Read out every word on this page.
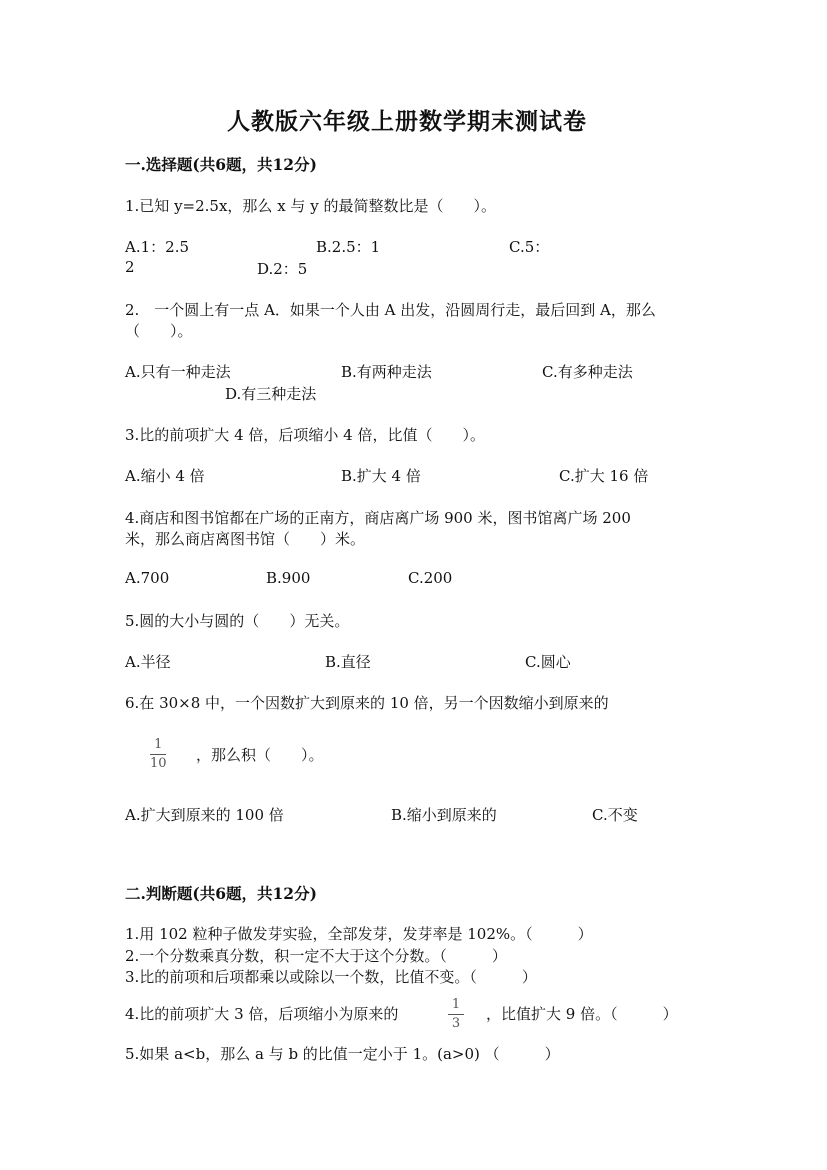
人教版六年级上册数学期末测试卷
一.选择题(共6题，共12分)
1.已知 y=2.5x，那么 x 与 y 的最简整数比是（　　）。
A.1：2.5	B.2.5：1	C.5：
2	D.2：5
2.　一个圆上有一点 A．如果一个人由 A 出发，沿圆周行走，最后回到 A，那么
（　　）。
A.只有一种走法	B.有两种走法	C.有多种走法
D.有三种走法
3.比的前项扩大 4 倍，后项缩小 4 倍，比值（　　）。
A.缩小 4 倍	B.扩大 4 倍	C.扩大 16 倍
4.商店和图书馆都在广场的正南方，商店离广场 900 米，图书馆离广场 200
米，那么商店离图书馆（　　）米。
A.700	B.900	C.200
5.圆的大小与圆的（　　）无关。
A.半径	B.直径	C.圆心
6.在 30×8 中，一个因数扩大到原来的 10 倍，另一个因数缩小到原来的
1
10 ，那么积（　　）。
A.扩大到原来的 100 倍	B.缩小到原来的	C.不变
二.判断题(共6题，共12分)
1.用 102 粒种子做发芽实验，全部发芽，发芽率是 102%。（　　　）
2.一个分数乘真分数，积一定不大于这个分数。（　　　）
3.比的前项和后项都乘以或除以一个数，比值不变。（　　　）
4.比的前项扩大 3 倍，后项缩小为原来的
1
3
，比值扩大 9 倍。（　　　）
5.如果 a<b，那么 a 与 b 的比值一定小于 1。(a>0) （　　　）
